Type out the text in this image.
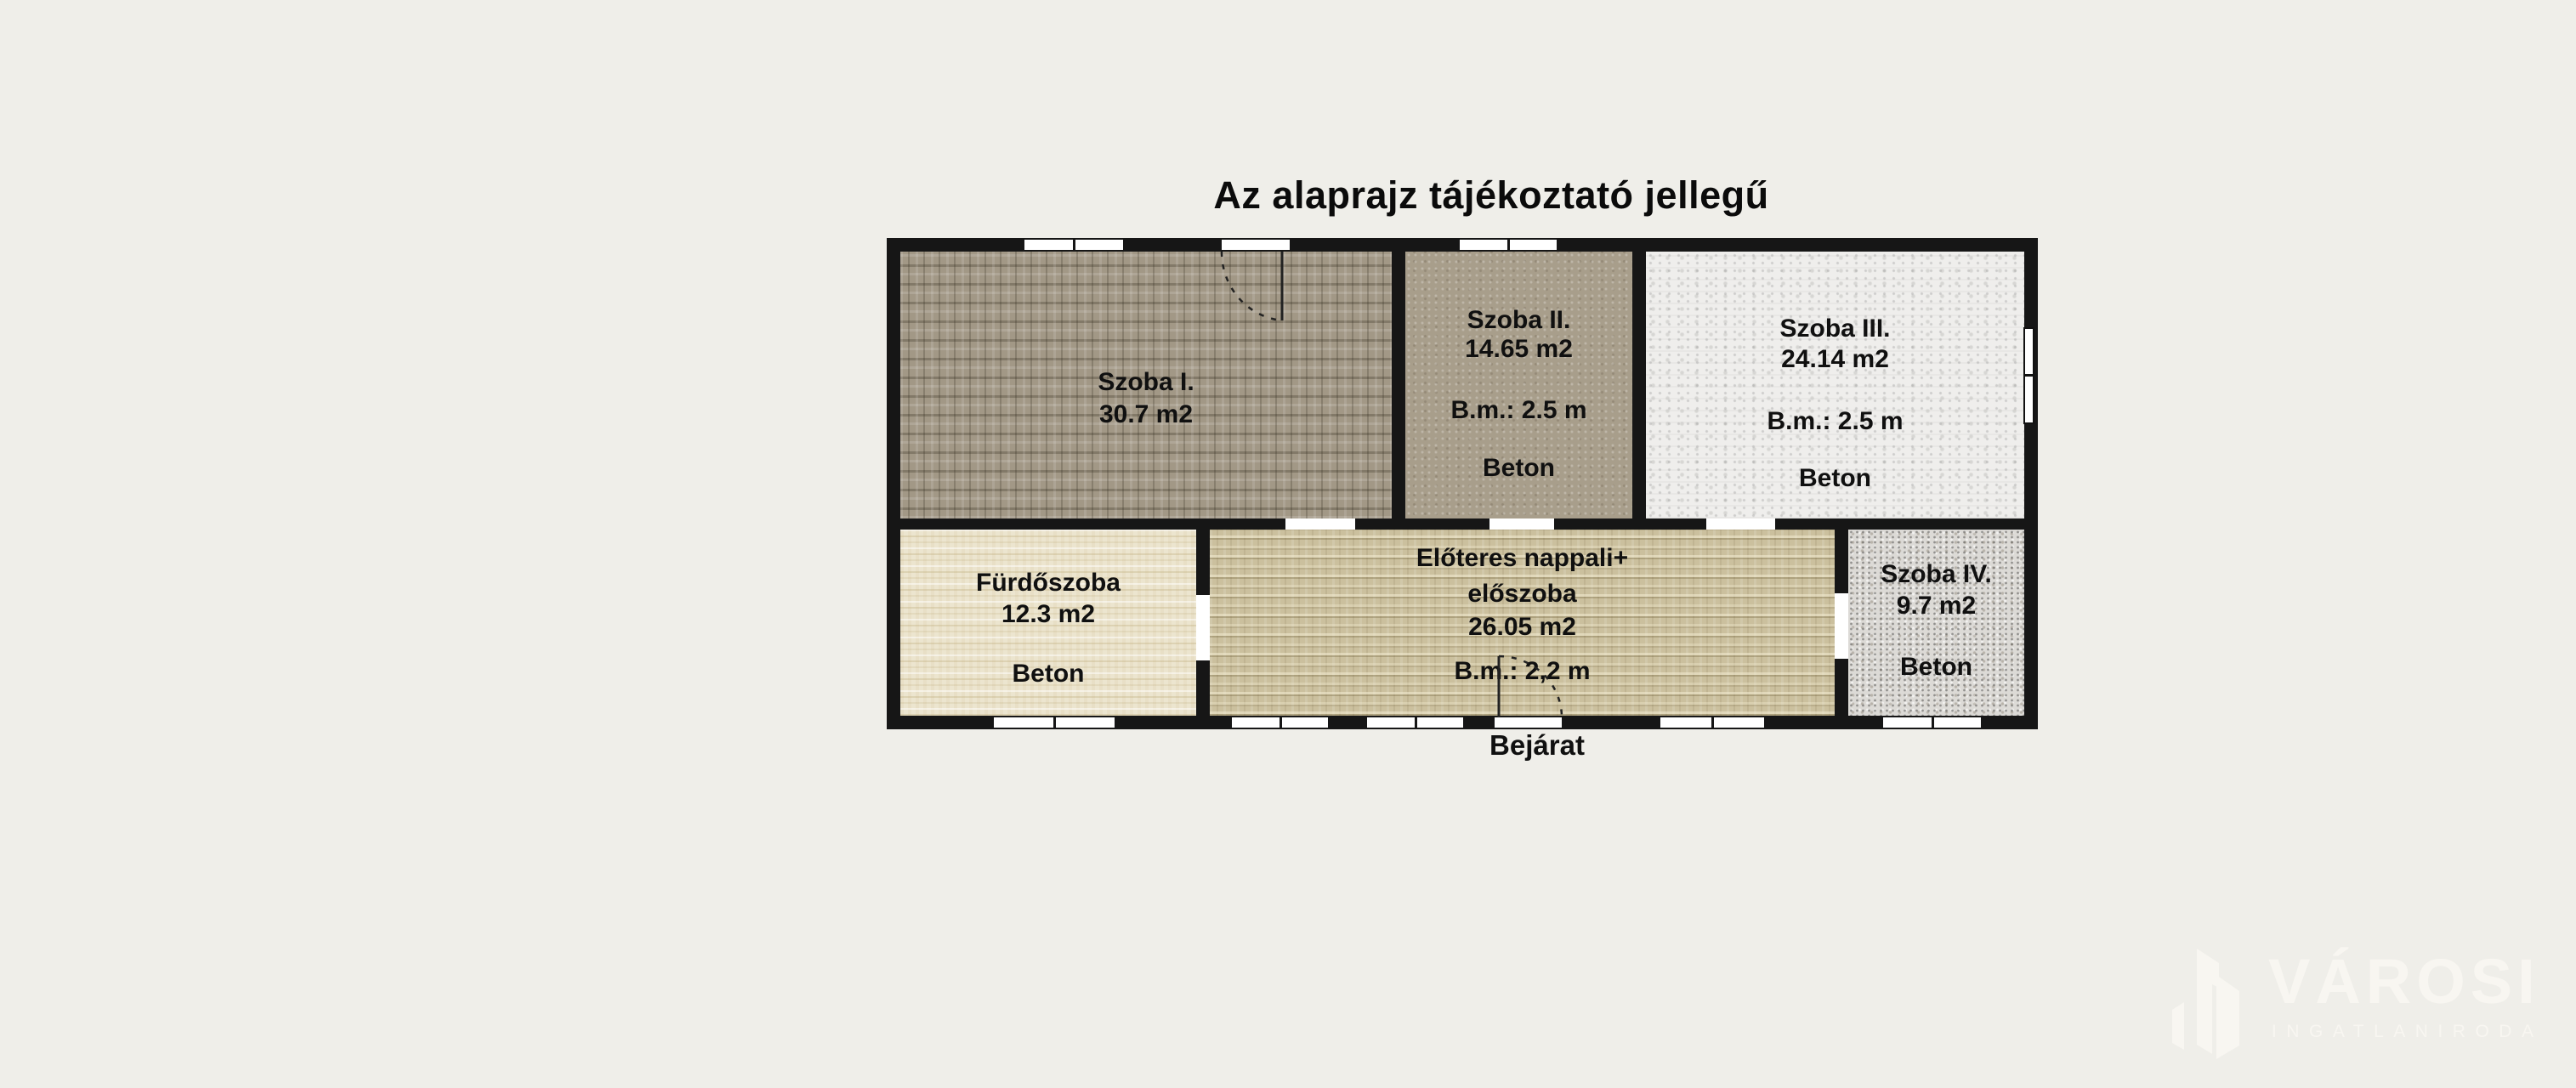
Az alaprajz tájékoztató jellegű
Szoba I.
30.7 m2
Szoba II.
14.65 m2
B.m.: 2.5 m
Beton
Szoba III.
24.14 m2
B.m.: 2.5 m
Beton
Fürdőszoba
12.3 m2
Beton
Előteres nappali+
előszoba
26.05 m2
B.m.: 2,2 m
Szoba IV.
9.7 m2
Beton
Bejárat
VÁROSI
INGATLANIRODA
